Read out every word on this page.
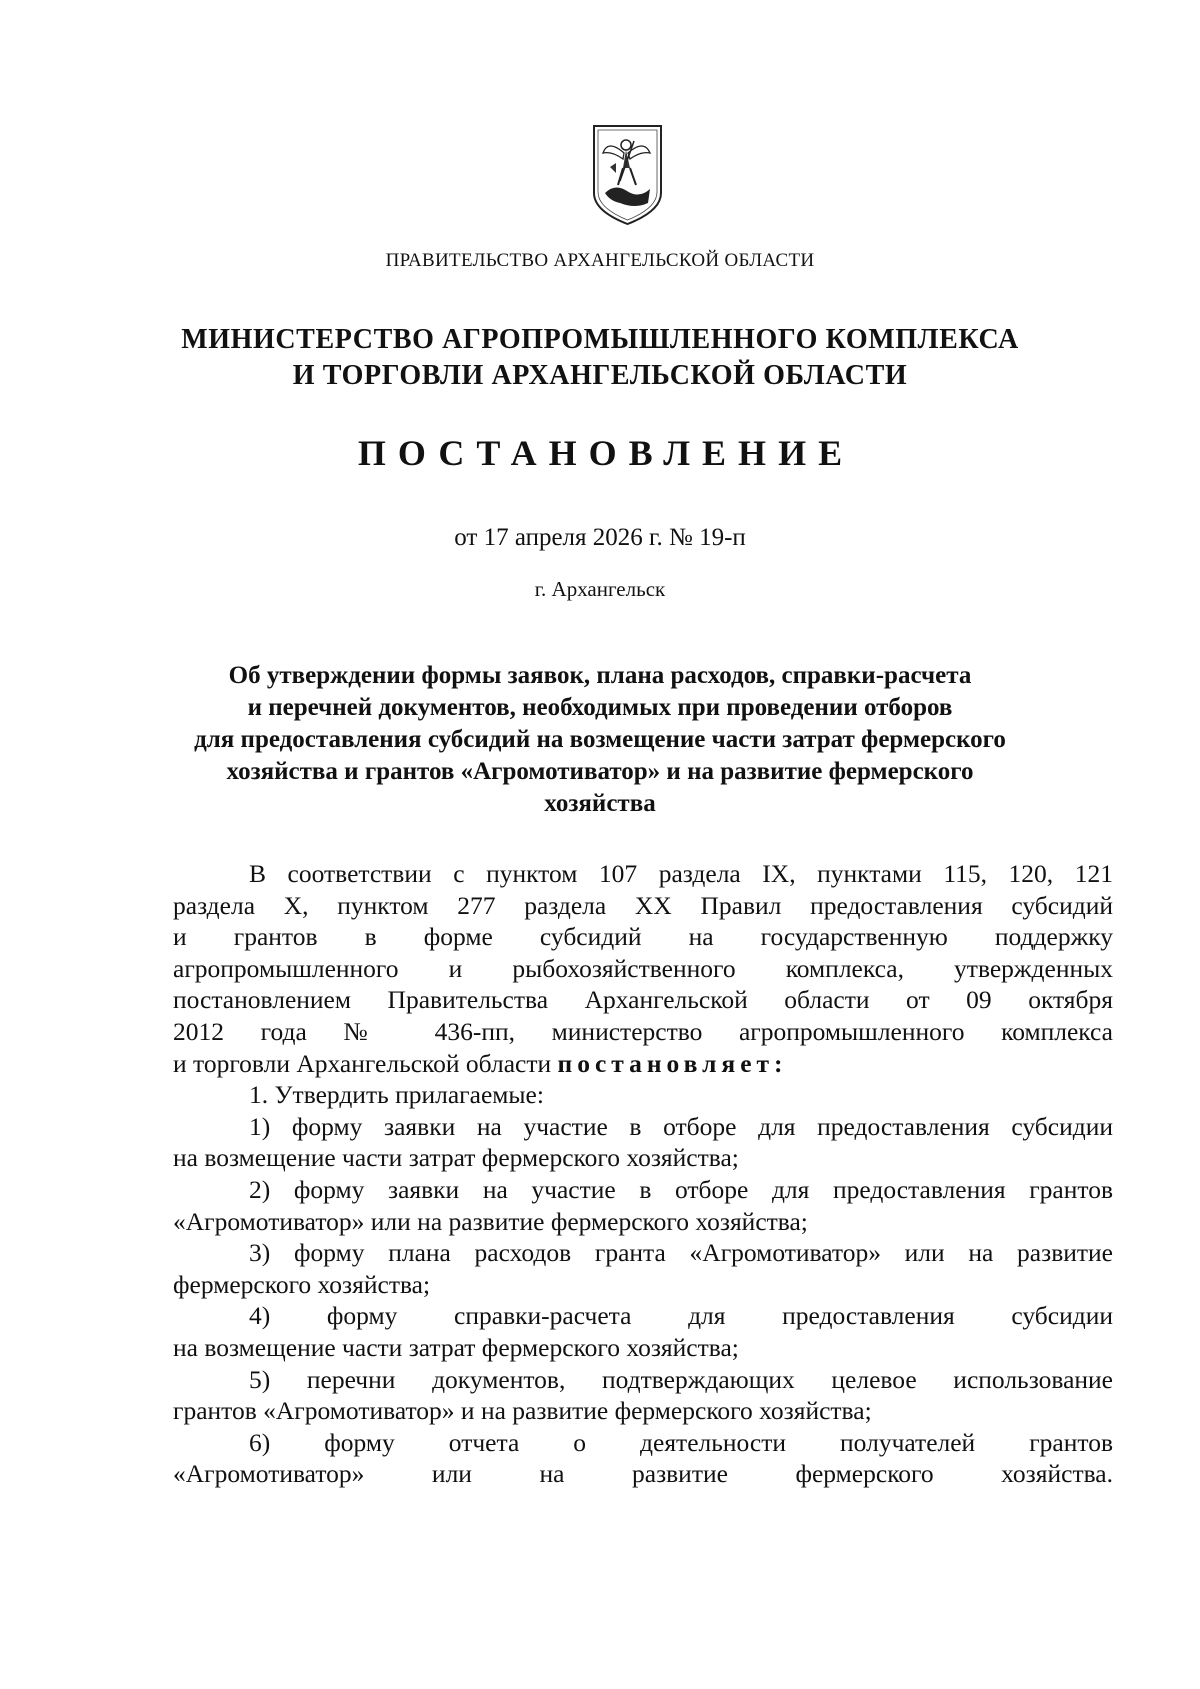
ПРАВИТЕЛЬСТВО АРХАНГЕЛЬСКОЙ ОБЛАСТИ
МИНИСТЕРСТВО АГРОПРОМЫШЛЕННОГО КОМПЛЕКСА
И ТОРГОВЛИ АРХАНГЕЛЬСКОЙ ОБЛАСТИ
ПОСТАНОВЛЕНИЕ
от 17 апреля 2026 г. № 19-п
г. Архангельск
Об утверждении формы заявок, плана расходов, справки-расчета
и перечней документов, необходимых при проведении отборов
для предоставления субсидий на возмещение части затрат фермерского
хозяйства и грантов «Агромотиватор» и на развитие фермерского
хозяйства
В соответствии с пунктом 107 раздела IX, пунктами 115, 120, 121
раздела X, пунктом 277 раздела XX Правил предоставления субсидий
и грантов в форме субсидий на государственную поддержку
агропромышленного и рыбохозяйственного комплекса, утвержденных
постановлением Правительства Архангельской области от 09 октября
2012 года № 436-пп, министерство агропромышленного комплекса
и торговли Архангельской области постановляет:
1. Утвердить прилагаемые:
1) форму заявки на участие в отборе для предоставления субсидии
на возмещение части затрат фермерского хозяйства;
2) форму заявки на участие в отборе для предоставления грантов
«Агромотиватор» или на развитие фермерского хозяйства;
3) форму плана расходов гранта «Агромотиватор» или на развитие
фермерского хозяйства;
4) форму справки-расчета для предоставления субсидии
на возмещение части затрат фермерского хозяйства;
5) перечни документов, подтверждающих целевое использование
грантов «Агромотиватор» и на развитие фермерского хозяйства;
6) форму отчета о деятельности получателей грантов
«Агромотиватор» или на развитие фермерского хозяйства.
